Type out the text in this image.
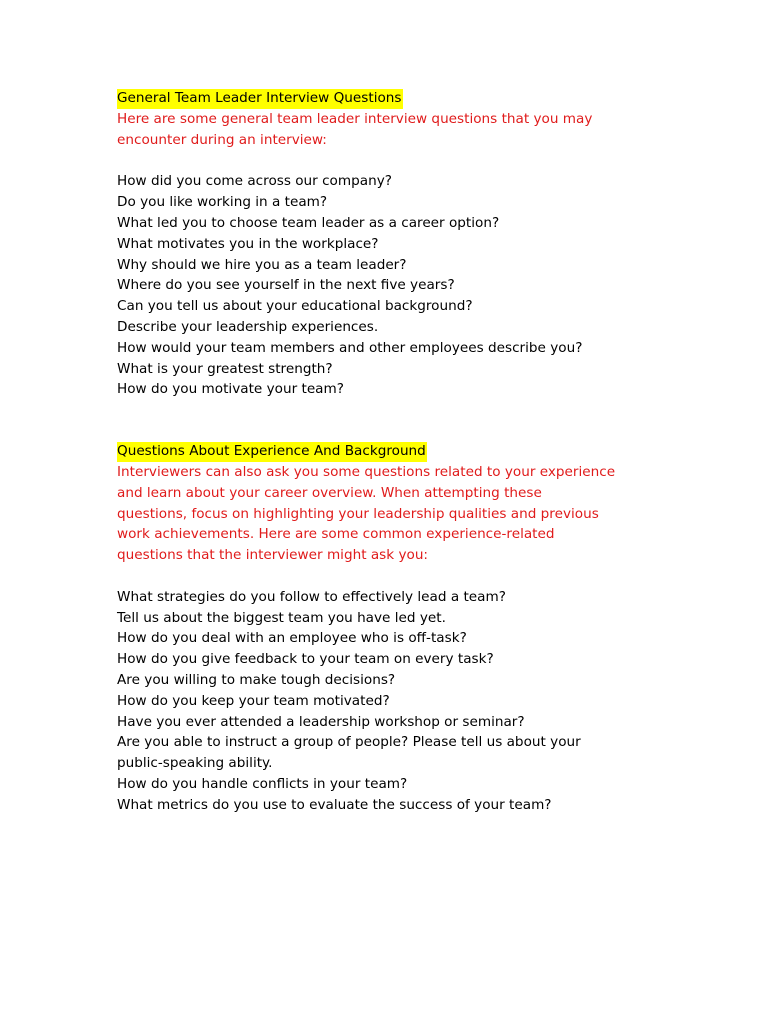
General Team Leader Interview Questions

Here are some general team leader interview questions that you may
encounter during an interview:

How did you come across our company?
Do you like working in a team?
What led you to choose team leader as a career option?
What motivates you in the workplace?
Why should we hire you as a team leader?
Where do you see yourself in the next five years?
Can you tell us about your educational background?
Describe your leadership experiences.
How would your team members and other employees describe you?
What is your greatest strength?
How do you motivate your team?
Questions About Experience And Background

Interviewers can also ask you some questions related to your experience
and learn about your career overview. When attempting these
questions, focus on highlighting your leadership qualities and previous
work achievements. Here are some common experience-related
questions that the interviewer might ask you:

What strategies do you follow to effectively lead a team?
Tell us about the biggest team you have led yet.
How do you deal with an employee who is off-task?
How do you give feedback to your team on every task?
Are you willing to make tough decisions?
How do you keep your team motivated?
Have you ever attended a leadership workshop or seminar?
Are you able to instruct a group of people? Please tell us about your
public-speaking ability.
How do you handle conflicts in your team?
What metrics do you use to evaluate the success of your team?
